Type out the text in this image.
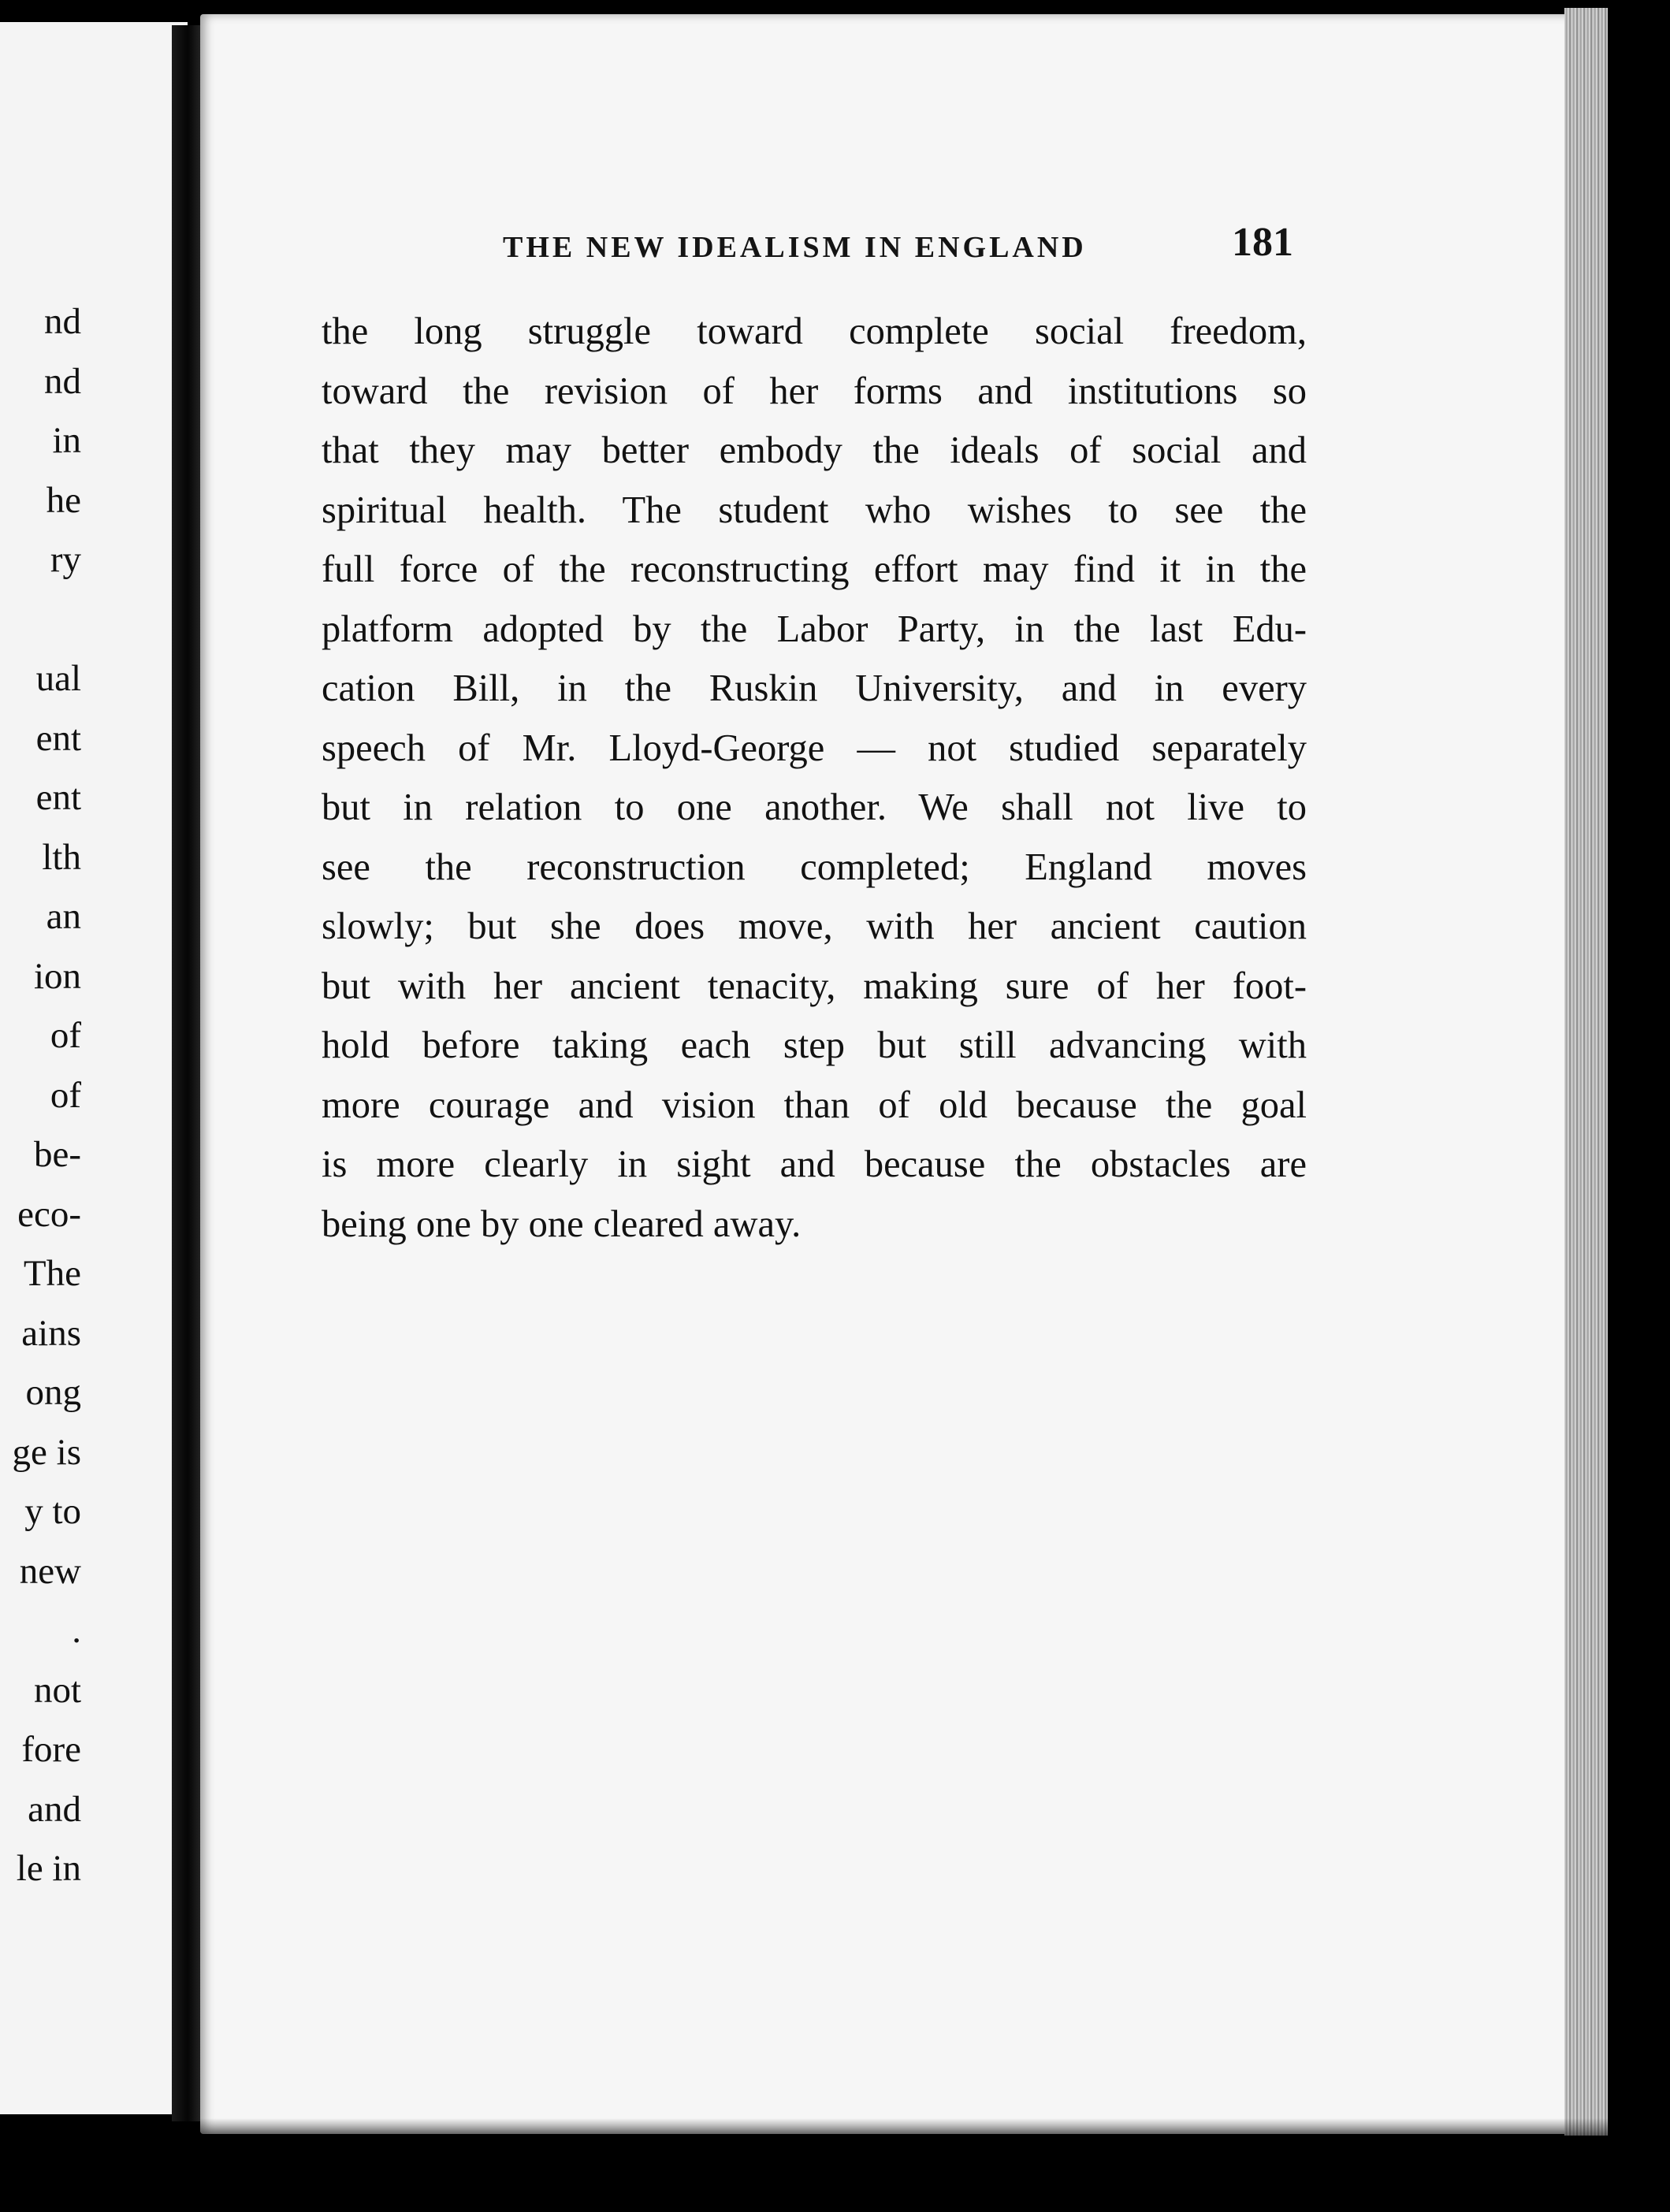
nd
nd
in
he
ry
ual
ent
ent
lth
an
ion
of
of
be-
eco-
The
ains
ong
ge is
y to
new
.
not
fore
and
le in
THE NEW IDEALISM IN ENGLAND	181
the long struggle toward complete social freedom,
toward the revision of her forms and institutions so
that they may better embody the ideals of social and
spiritual health. The student who wishes to see the
full force of the reconstructing effort may find it in the
platform adopted by the Labor Party, in the last Edu-
cation Bill, in the Ruskin University, and in every
speech of Mr. Lloyd-George — not studied separately
but in relation to one another. We shall not live to
see the reconstruction completed; England moves
slowly; but she does move, with her ancient caution
but with her ancient tenacity, making sure of her foot-
hold before taking each step but still advancing with
more courage and vision than of old because the goal
is more clearly in sight and because the obstacles are
being one by one cleared away.
